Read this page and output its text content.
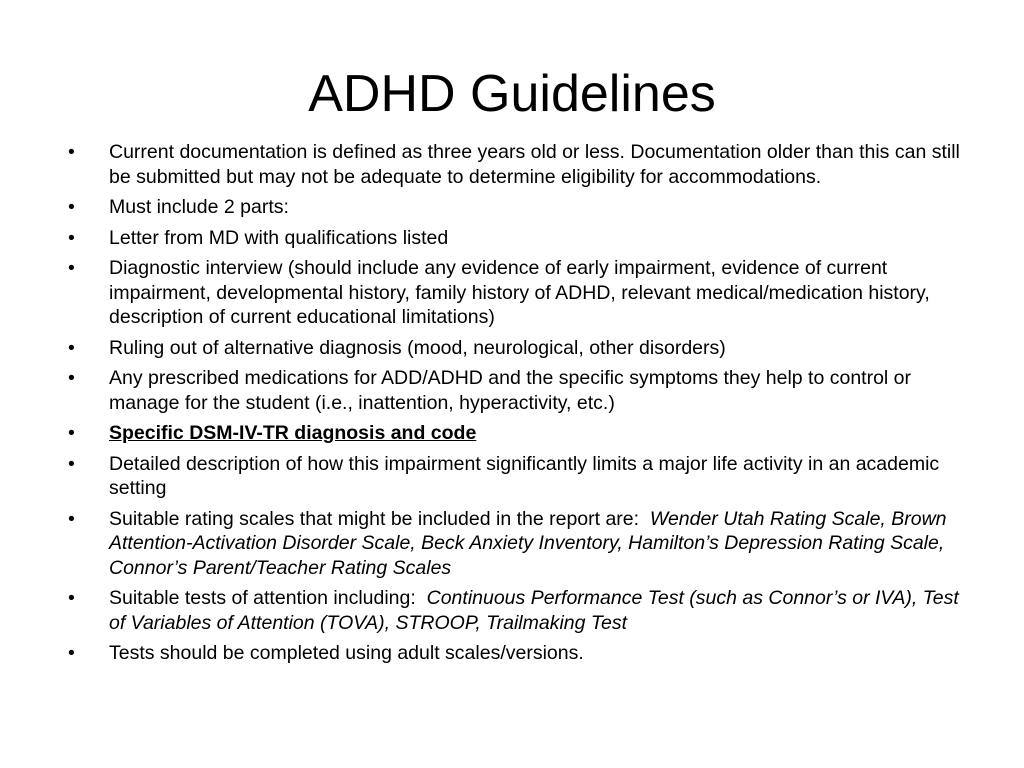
ADHD Guidelines
• Current documentation is defined as three years old or less. Documentation older than this can still be submitted but may not be adequate to determine eligibility for accommodations.
• Must include 2 parts:
• Letter from MD with qualifications listed
• Diagnostic interview (should include any evidence of early impairment, evidence of current impairment, developmental history, family history of ADHD, relevant medical/medication history, description of current educational limitations)
• Ruling out of alternative diagnosis (mood, neurological, other disorders)
• Any prescribed medications for ADD/ADHD and the specific symptoms they help to control or manage for the student (i.e., inattention, hyperactivity, etc.)
• Specific DSM-IV-TR diagnosis and code
• Detailed description of how this impairment significantly limits a major life activity in an academic setting
• Suitable rating scales that might be included in the report are:  Wender Utah Rating Scale, Brown Attention-Activation Disorder Scale, Beck Anxiety Inventory, Hamilton’s Depression Rating Scale, Connor’s Parent/Teacher Rating Scales
• Suitable tests of attention including:  Continuous Performance Test (such as Connor’s or IVA), Test of Variables of Attention (TOVA), STROOP, Trailmaking Test
• Tests should be completed using adult scales/versions.
